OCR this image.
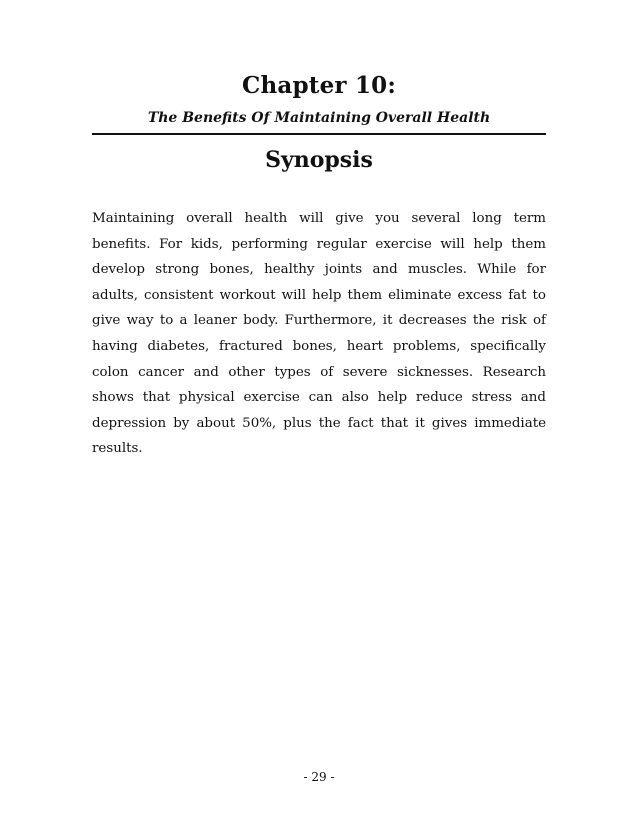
Chapter 10:
The Benefits Of Maintaining Overall Health
Synopsis

Maintaining overall health will give you several long term benefits. For kids, performing regular exercise will help them develop strong bones, healthy joints and muscles. While for adults, consistent workout will help them eliminate excess fat to give way to a leaner body. Furthermore, it decreases the risk of having diabetes, fractured bones, heart problems, specifically colon cancer and other types of severe sicknesses. Research shows that physical exercise can also help reduce stress and depression by about 50%, plus the fact that it gives immediate results.

- 29 -
